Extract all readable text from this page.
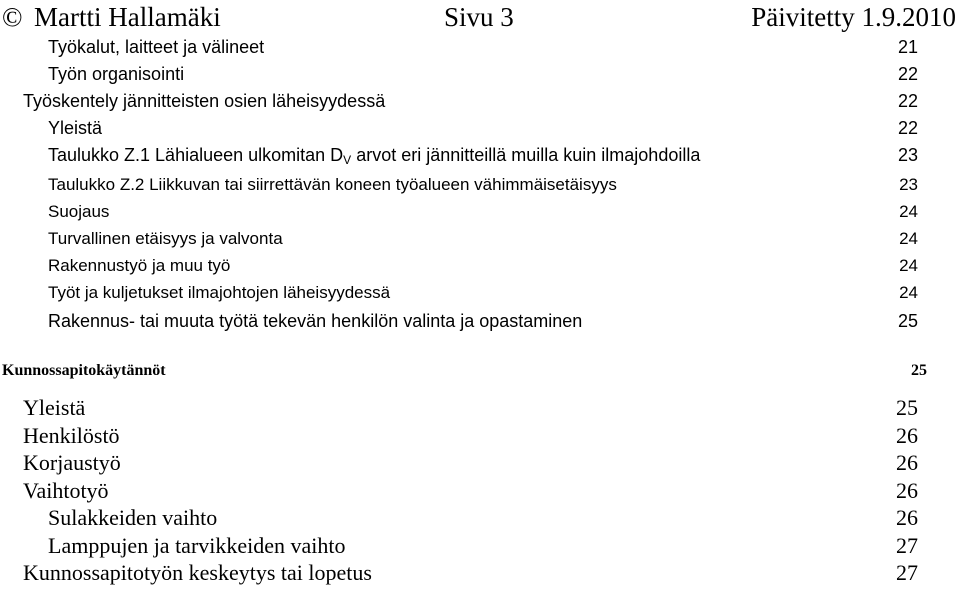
© Martti Hallamäki	Sivu 3	Päivitetty 1.9.2010
Työkalut, laitteet ja välineet	21
Työn organisointi	22
Työskentely jännitteisten osien läheisyydessä	22
Yleistä	22
Taulukko Z.1 Lähialueen ulkomitan $D_V$ arvot eri jännitteillä muilla kuin ilmajohdoilla	23
Taulukko Z.2 Liikkuvan tai siirrettävän koneen työalueen vähimmäisetäisyys	23
Suojaus	24
Turvallinen etäisyys ja valvonta	24
Rakennustyö ja muu työ	24
Työt ja kuljetukset ilmajohtojen läheisyydessä	24
Rakennus- tai muuta työtä tekevän henkilön valinta ja opastaminen	25
Kunnossapitokäytännöt	25
Yleistä	25
Henkilöstö	26
Korjaustyö	26
Vaihtotyö	26
Sulakkeiden vaihto	26
Lamppujen ja tarvikkeiden vaihto	27
Kunnossapitotyön keskeytys tai lopetus	27
